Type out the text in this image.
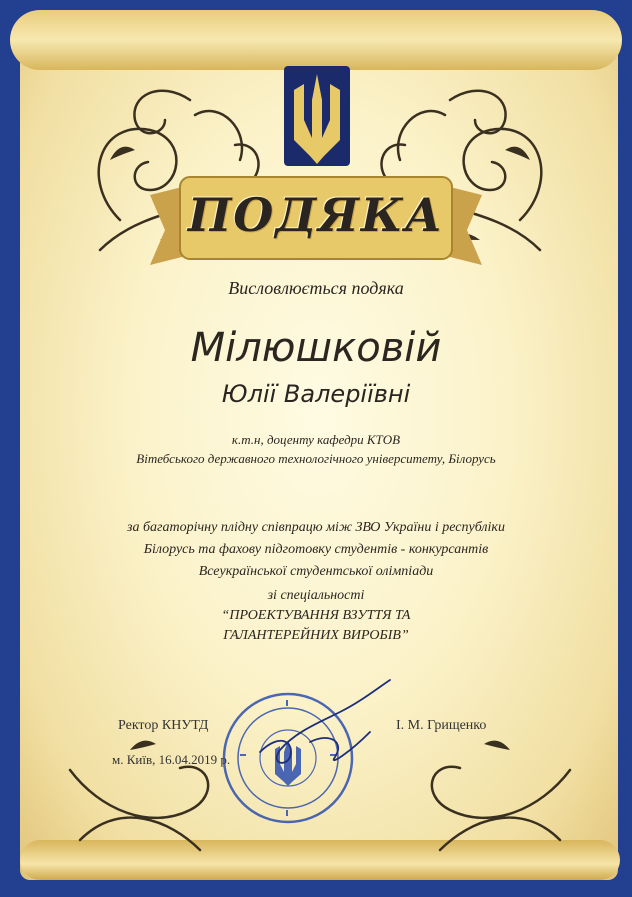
ПОДЯКА
Висловлюється подяка
Мілюшковій
Юлії Валеріївні
к.т.н, доценту кафедри КТОВ
Вітебського державного технологічного університету, Білорусь
за багаторічну плідну співпрацю між ЗВО України і республіки
Білорусь та фахову підготовку студентів - конкурсантів
Всеукраїнської студентської олімпіади
зі спеціальності
“ПРОЕКТУВАННЯ ВЗУТТЯ ТА
ГАЛАНТЕРЕЙНИХ ВИРОБІВ”
Ректор КНУТД	І. М. Грищенко
м. Київ, 16.04.2019 р.
